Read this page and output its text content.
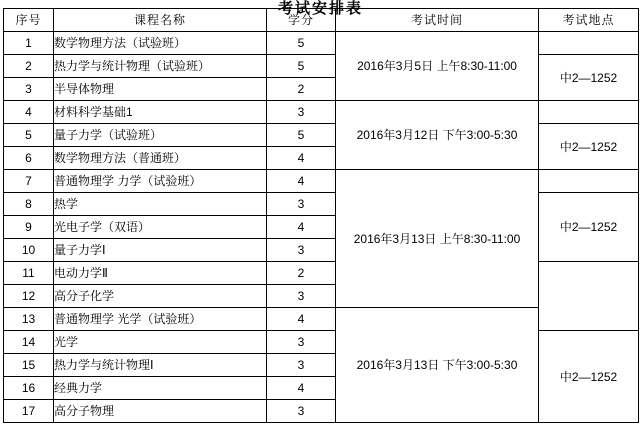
考试安排表
序号	课程名称	学分	考试时间	考试地点
1	数学物理方法（试验班）	5	2016年3月5日 上午8:30-11:00	
2	热力学与统计物理（试验班）	5		中2—1252
3	半导体物理	2		
4	材料科学基础1	3	2016年3月12日 下午3:00-5:30	
5	量子力学（试验班）	5		中2—1252
6	数学物理方法（普通班）	4		
7	普通物理学 力学（试验班）	4	2016年3月13日 上午8:30-11:00	
8	热学	3		中2—1252
9	光电子学（双语）	4		
10	量子力学Ⅰ	3		
11	电动力学Ⅱ	2		
12	高分子化学	3		
13	普通物理学 光学（试验班）	4	2016年3月13日 下午3:00-5:30	
14	光学	3		中2—1252
15	热力学与统计物理Ⅰ	3		
16	经典力学	4		
17	高分子物理	3		
